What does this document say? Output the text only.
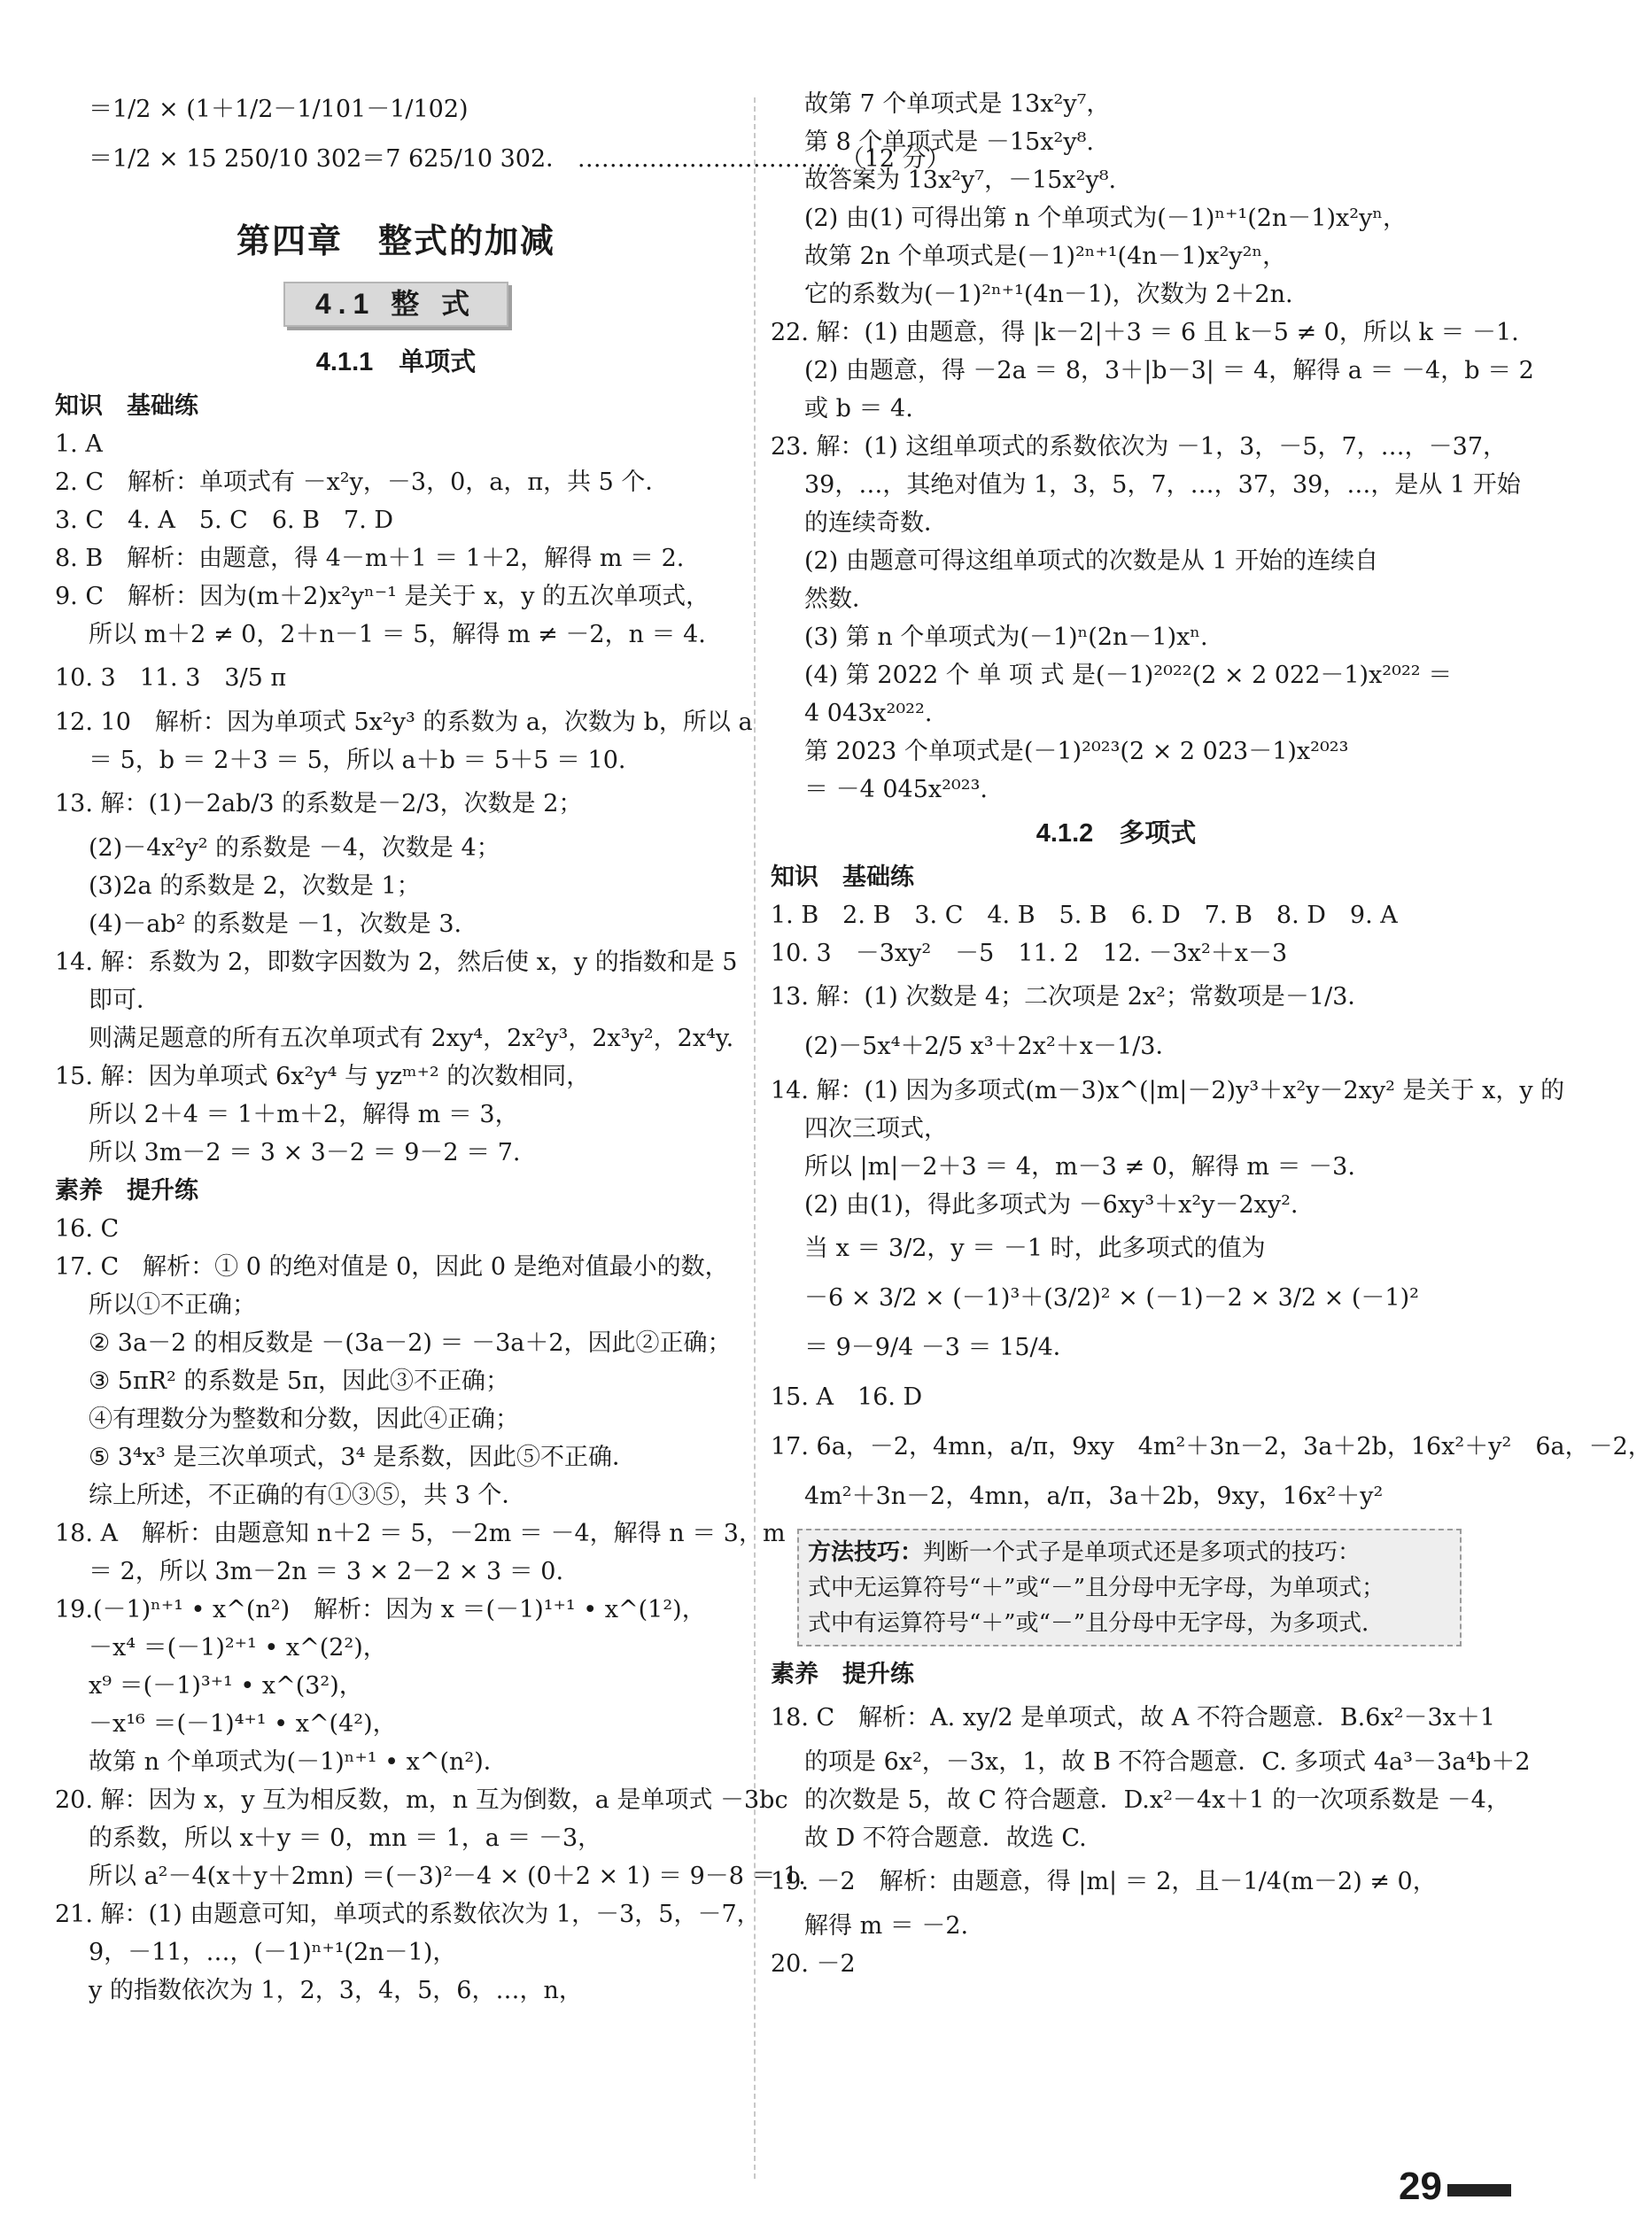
＝1/2 × (1＋1/2－1/101－1/102)
＝1/2 × 15 250/10 302＝7 625/10 302． ……………………………（12 分）
第四章　整式的加减
4.1 整 式
4.1.1　单项式
知识　基础练
1. A
2. C　解析：单项式有 －x²y，－3，0，a，π，共 5 个．
3. C　4. A　5. C　6. B　7. D
8. B　解析：由题意，得 4－m＋1 ＝ 1＋2，解得 m ＝ 2.
9. C　解析：因为(m＋2)x²yⁿ⁻¹ 是关于 x，y 的五次单项式，
所以 m＋2 ≠ 0，2＋n－1 ＝ 5，解得 m ≠ －2，n ＝ 4.
10. 3　11. 3　3/5 π
12. 10　解析：因为单项式 5x²y³ 的系数为 a，次数为 b，所以 a
＝ 5，b ＝ 2＋3 ＝ 5，所以 a＋b ＝ 5＋5 ＝ 10.
13. 解：(1)－2ab/3 的系数是－2/3，次数是 2；
(2)－4x²y² 的系数是 －4，次数是 4；
(3)2a 的系数是 2，次数是 1；
(4)－ab² 的系数是 －1，次数是 3.
14. 解：系数为 2，即数字因数为 2，然后使 x，y 的指数和是 5
即可．
则满足题意的所有五次单项式有 2xy⁴，2x²y³，2x³y²，2x⁴y.
15. 解：因为单项式 6x²y⁴ 与 yzᵐ⁺² 的次数相同，
所以 2＋4 ＝ 1＋m＋2，解得 m ＝ 3，
所以 3m－2 ＝ 3 × 3－2 ＝ 9－2 ＝ 7.
素养　提升练
16. C
17. C　解析：① 0 的绝对值是 0，因此 0 是绝对值最小的数，
所以①不正确；
② 3a－2 的相反数是 －(3a－2) ＝ －3a＋2，因此②正确；
③ 5πR² 的系数是 5π，因此③不正确；
④有理数分为整数和分数，因此④正确；
⑤ 3⁴x³ 是三次单项式，3⁴ 是系数，因此⑤不正确．
综上所述，不正确的有①③⑤，共 3 个．
18. A　解析：由题意知 n＋2 ＝ 5，－2m ＝ －4，解得 n ＝ 3，m
＝ 2，所以 3m－2n ＝ 3 × 2－2 × 3 ＝ 0.
19.(－1)ⁿ⁺¹ • x^(n²)　解析：因为 x ＝(－1)¹⁺¹ • x^(1²)，
－x⁴ ＝(－1)²⁺¹ • x^(2²)，
x⁹ ＝(－1)³⁺¹ • x^(3²)，
－x¹⁶ ＝(－1)⁴⁺¹ • x^(4²)，
故第 n 个单项式为(－1)ⁿ⁺¹ • x^(n²)．
20. 解：因为 x，y 互为相反数，m，n 互为倒数，a 是单项式 －3bc
的系数，所以 x＋y ＝ 0，mn ＝ 1，a ＝ －3，
所以 a²－4(x＋y＋2mn) ＝(－3)²－4 × (0＋2 × 1) ＝ 9－8 ＝ 1.
21. 解：(1) 由题意可知，单项式的系数依次为 1，－3，5，－7，
9，－11，…，(－1)ⁿ⁺¹(2n－1)，
y 的指数依次为 1，2，3，4，5，6，…，n，
故第 7 个单项式是 13x²y⁷，
第 8 个单项式是 －15x²y⁸.
故答案为 13x²y⁷，－15x²y⁸.
(2) 由(1) 可得出第 n 个单项式为(－1)ⁿ⁺¹(2n－1)x²yⁿ，
故第 2n 个单项式是(－1)²ⁿ⁺¹(4n－1)x²y²ⁿ，
它的系数为(－1)²ⁿ⁺¹(4n－1)，次数为 2＋2n.
22. 解：(1) 由题意，得 |k－2|＋3 ＝ 6 且 k－5 ≠ 0，所以 k ＝ －1.
(2) 由题意，得 －2a ＝ 8，3＋|b－3| ＝ 4，解得 a ＝ －4，b ＝ 2
或 b ＝ 4.
23. 解：(1) 这组单项式的系数依次为 －1，3，－5，7，…，－37，
39，…，其绝对值为 1，3，5，7，…，37，39，…，是从 1 开始
的连续奇数．
(2) 由题意可得这组单项式的次数是从 1 开始的连续自
然数．
(3) 第 n 个单项式为(－1)ⁿ(2n－1)xⁿ.
(4) 第 2022 个 单 项 式 是(－1)²⁰²²(2 × 2 022－1)x²⁰²² ＝
4 043x²⁰²².
第 2023 个单项式是(－1)²⁰²³(2 × 2 023－1)x²⁰²³
＝ －4 045x²⁰²³.
4.1.2　多项式
知识　基础练
1. B　2. B　3. C　4. B　5. B　6. D　7. B　8. D　9. A
10. 3　－3xy²　－5　11. 2　12. －3x²＋x－3
13. 解：(1) 次数是 4；二次项是 2x²；常数项是－1/3．
(2)－5x⁴＋2/5 x³＋2x²＋x－1/3．
14. 解：(1) 因为多项式(m－3)x^(|m|－2)y³＋x²y－2xy² 是关于 x，y 的
四次三项式，
所以 |m|－2＋3 ＝ 4，m－3 ≠ 0，解得 m ＝ －3.
(2) 由(1)，得此多项式为 －6xy³＋x²y－2xy².
当 x ＝ 3/2，y ＝ －1 时，此多项式的值为
－6 × 3/2 × (－1)³＋(3/2)² × (－1)－2 × 3/2 × (－1)²
＝ 9－9/4 －3 ＝ 15/4．
15. A　16. D
17. 6a，－2，4mn，a/π，9xy　4m²＋3n－2，3a＋2b，16x²＋y²　6a，－2，
4m²＋3n－2，4mn，a/π，3a＋2b，9xy，16x²＋y²
方法技巧：判断一个式子是单项式还是多项式的技巧：
式中无运算符号“＋”或“－”且分母中无字母，为单项式；
式中有运算符号“＋”或“－”且分母中无字母，为多项式．
素养　提升练
18. C　解析：A. xy/2 是单项式，故 A 不符合题意．B.6x²－3x＋1
的项是 6x²，－3x，1，故 B 不符合题意．C. 多项式 4a³－3a⁴b＋2
的次数是 5，故 C 符合题意．D.x²－4x＋1 的一次项系数是 －4，
故 D 不符合题意．故选 C.
19. －2　解析：由题意，得 |m| ＝ 2，且－1/4(m－2) ≠ 0，
解得 m ＝ －2.
20. －2
29
